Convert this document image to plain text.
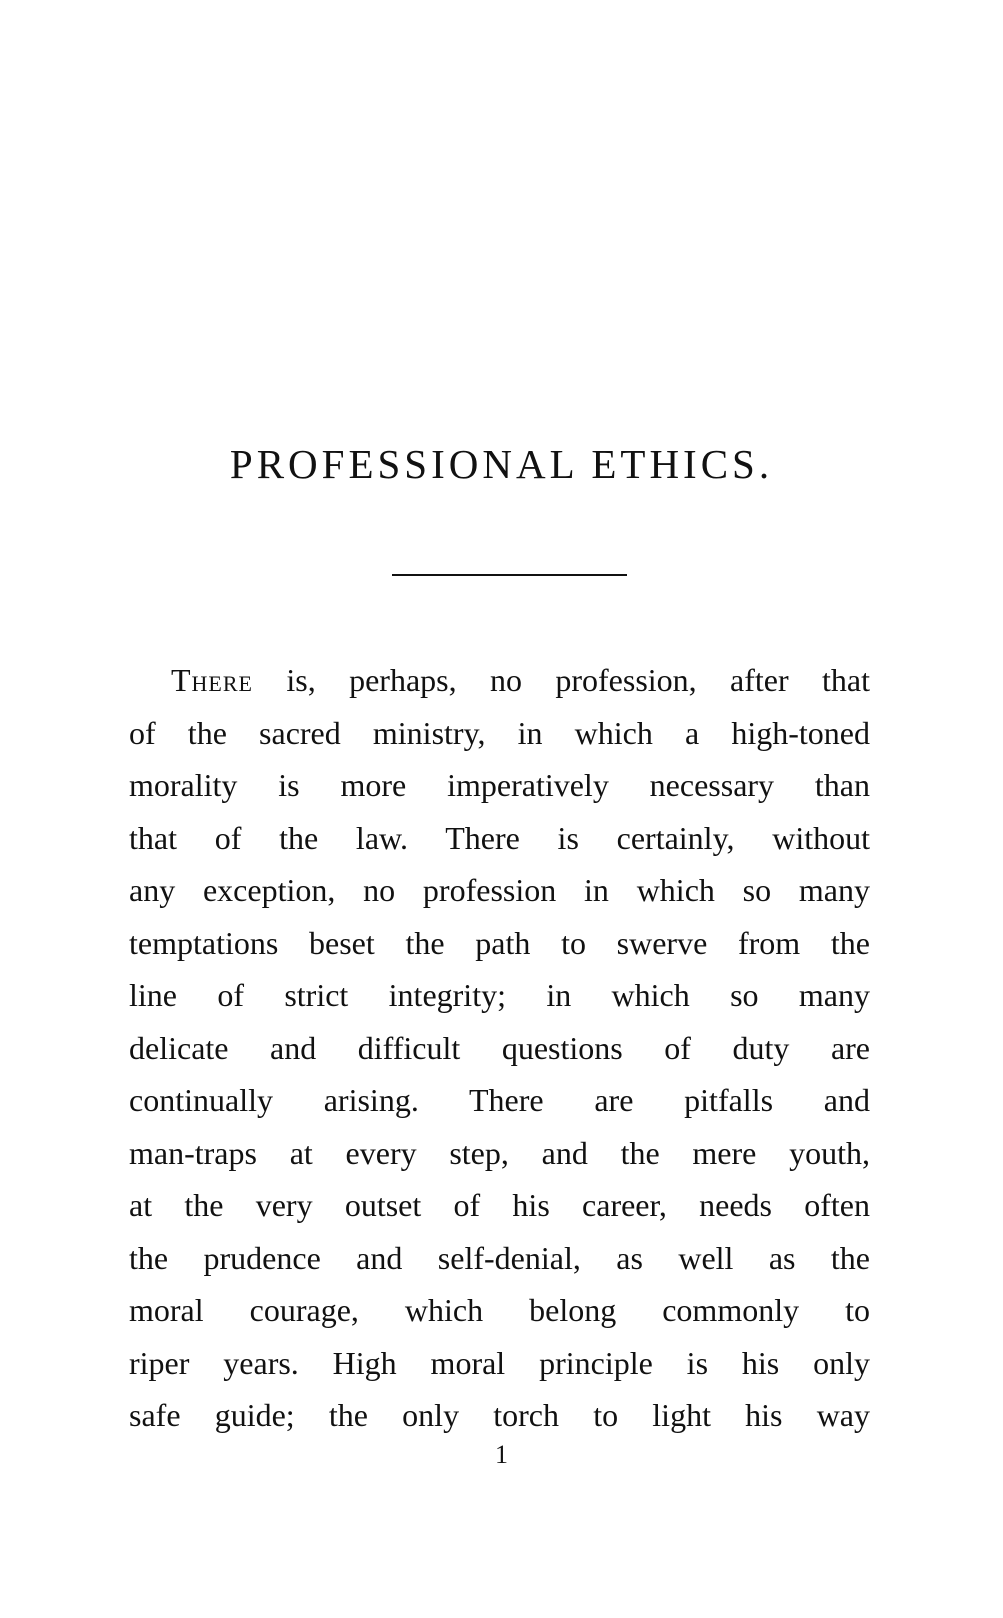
PROFESSIONAL ETHICS.
There is, perhaps, no profession, after that
of the sacred ministry, in which a high-toned
morality is more imperatively necessary than
that of the law. There is certainly, without
any exception, no profession in which so many
temptations beset the path to swerve from the
line of strict integrity; in which so many
delicate and difficult questions of duty are
continually arising. There are pitfalls and
man-traps at every step, and the mere youth,
at the very outset of his career, needs often
the prudence and self-denial, as well as the
moral courage, which belong commonly to
riper years. High moral principle is his only
safe guide; the only torch to light his way
1
